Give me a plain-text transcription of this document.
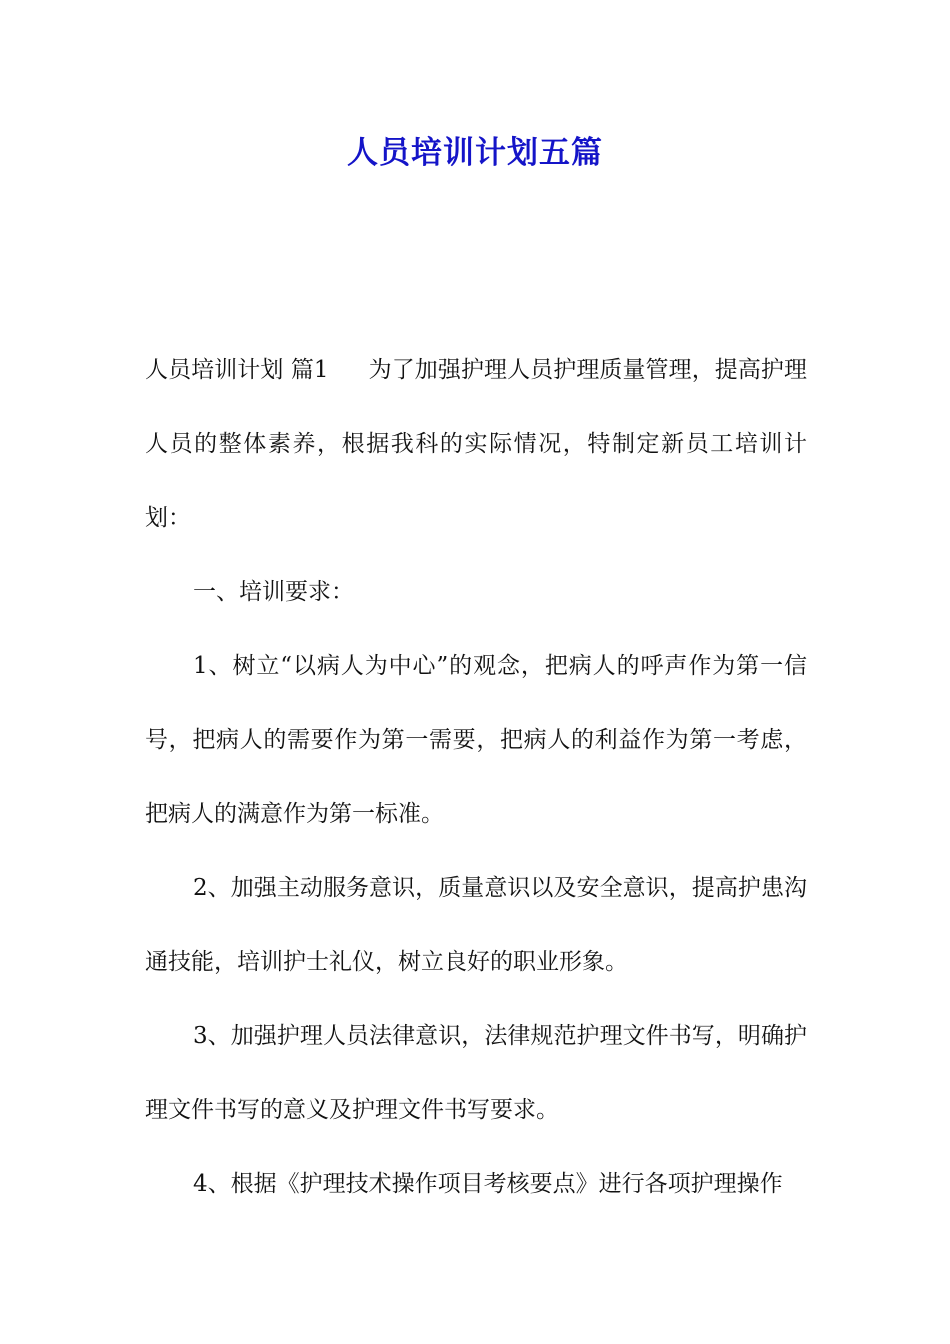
人员培训计划五篇

人员培训计划 篇1 为了加强护理人员护理质量管理，提高护理人员的整体素养，根据我科的实际情况，特制定新员工培训计划：

一、培训要求：

1、树立“以病人为中心”的观念，把病人的呼声作为第一信号，把病人的需要作为第一需要，把病人的利益作为第一考虑，把病人的满意作为第一标准。

2、加强主动服务意识，质量意识以及安全意识，提高护患沟通技能，培训护士礼仪，树立良好的职业形象。

3、加强护理人员法律意识，法律规范护理文件书写，明确护理文件书写的意义及护理文件书写要求。

4、根据《护理技术操作项目考核要点》进行各项护理操作
